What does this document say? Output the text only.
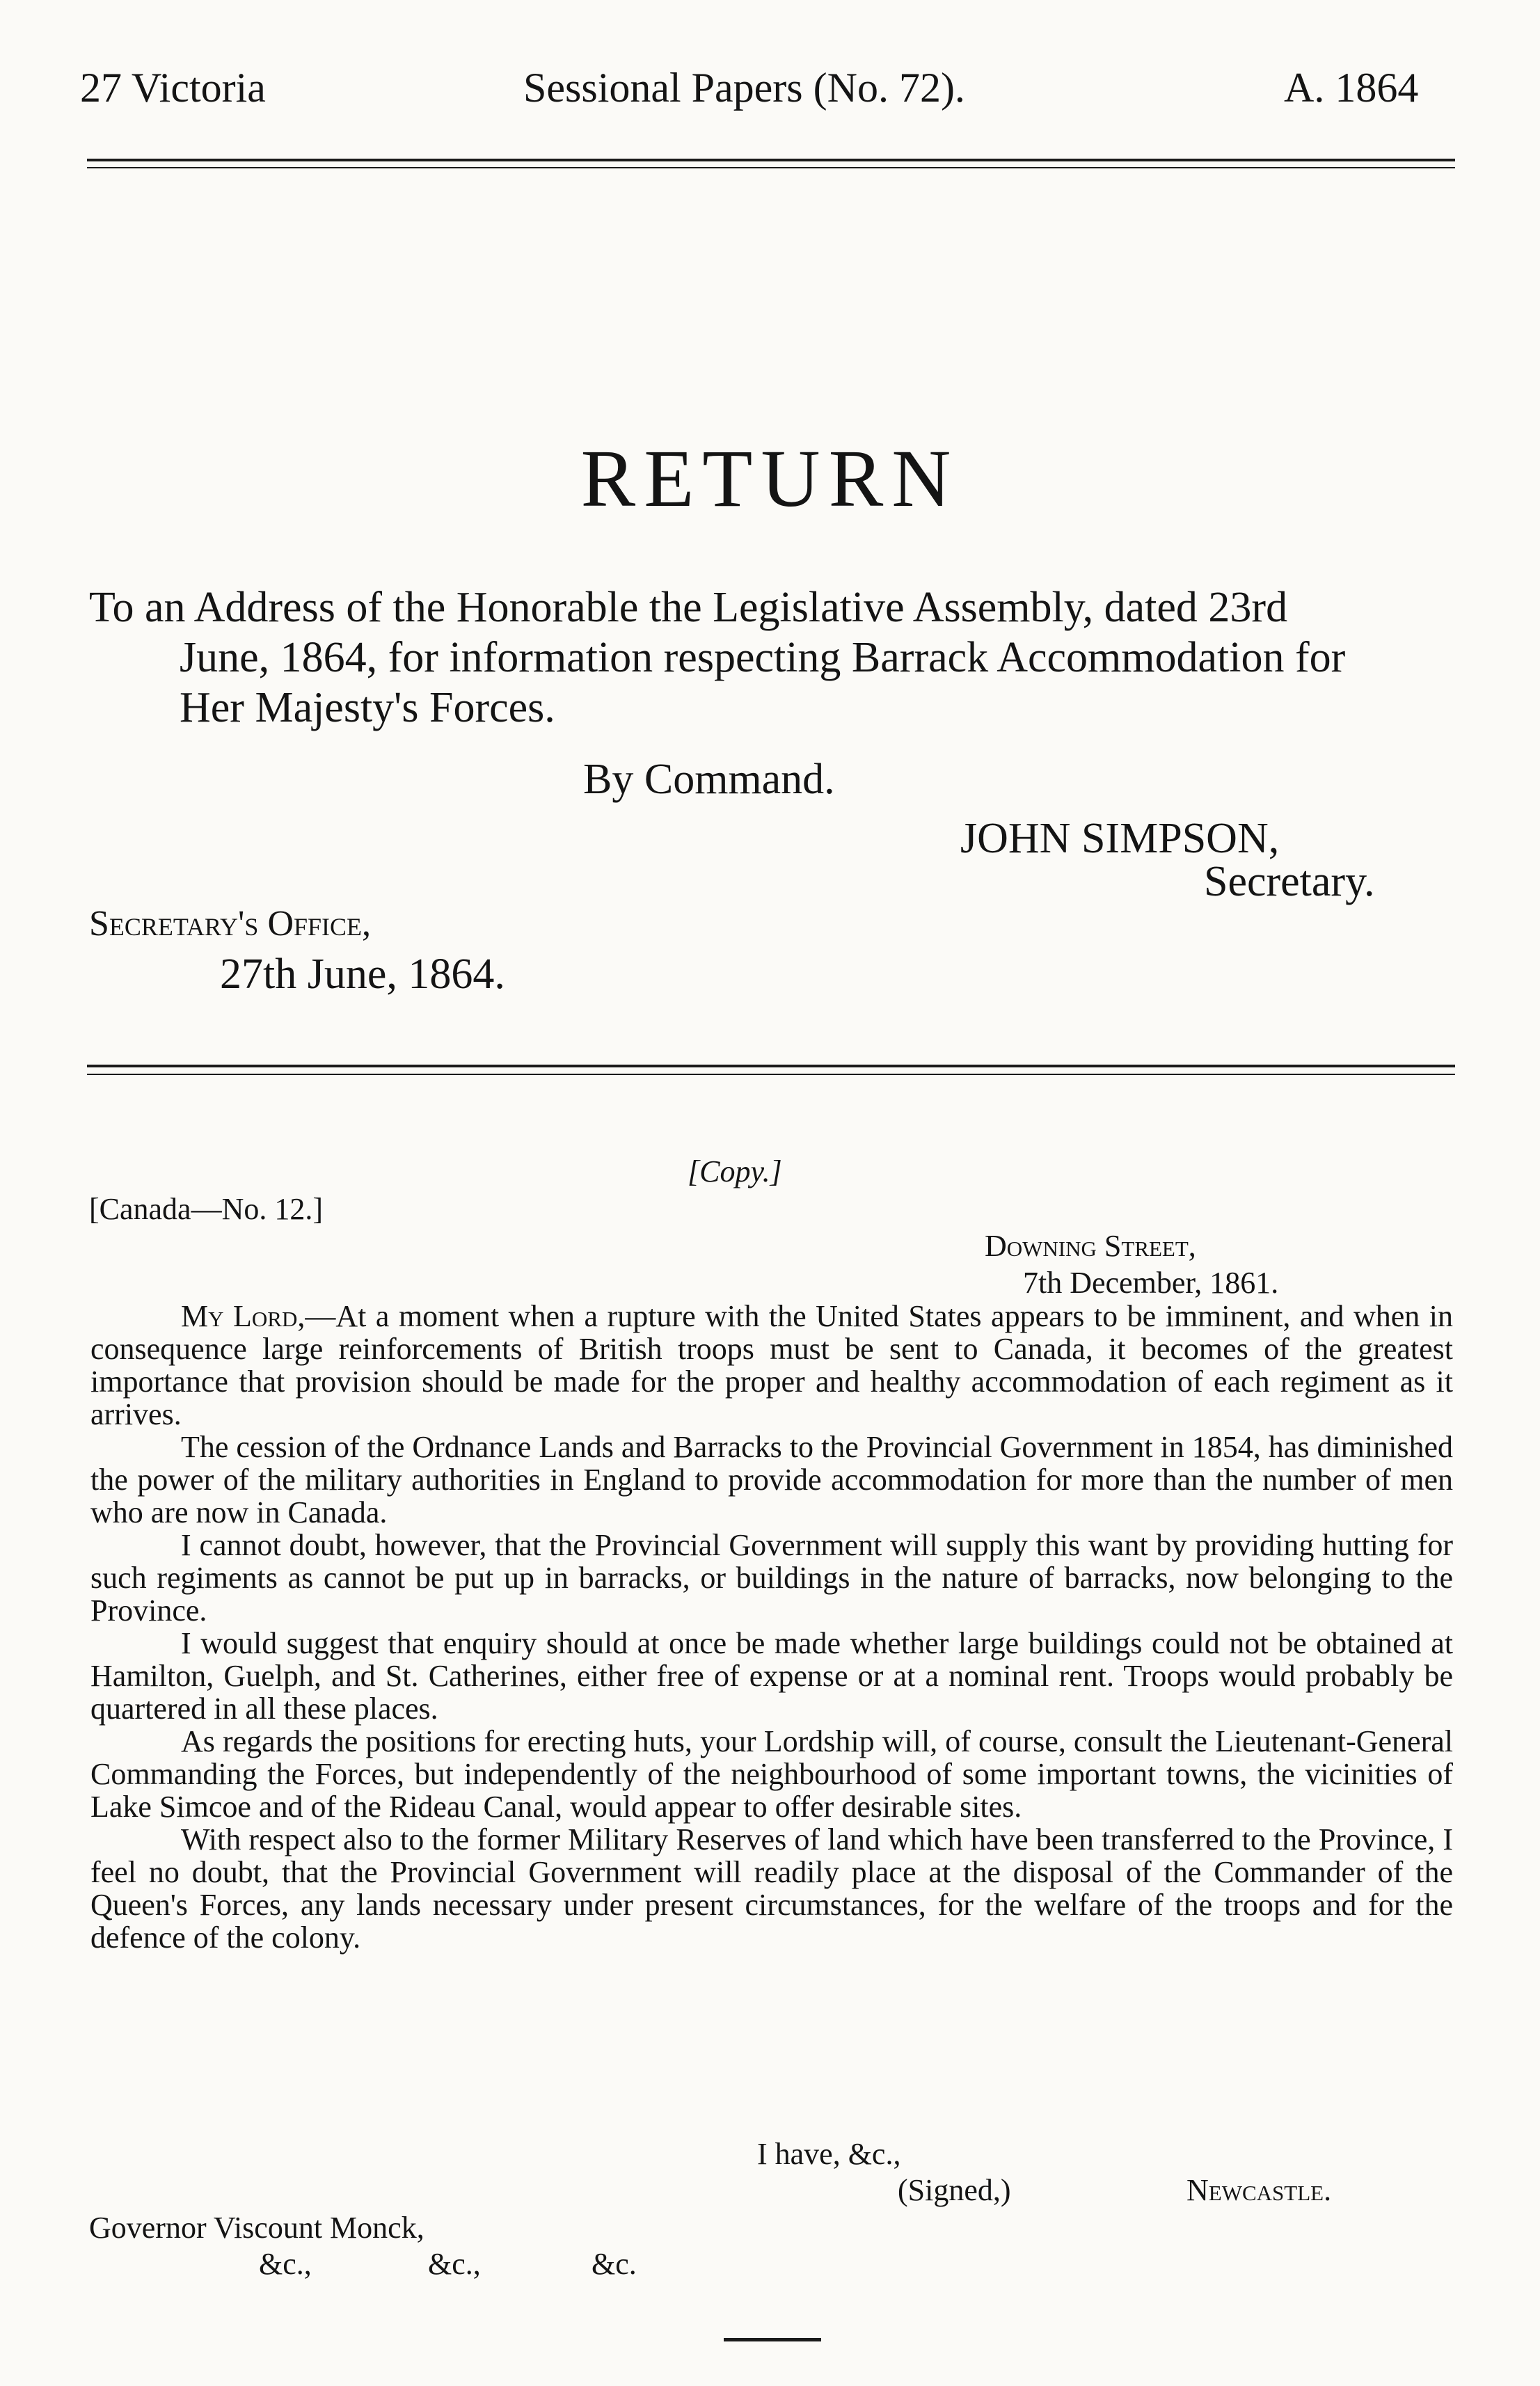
27 Victoria	Sessional Papers (No. 72).	A. 1864
RETURN
To an Address of the Honorable the Legislative Assembly, dated 23rd
June, 1864, for information respecting Barrack Accommodation for
Her Majesty's Forces.
By Command.
JOHN SIMPSON,
Secretary.
Secretary's Office,
27th June, 1864.
[Copy.]
[Canada—No. 12.]
Downing Street,
7th December, 1861.

My Lord,—At a moment when a rupture with the United States appears to be imminent, and when in consequence large reinforcements of British troops must be sent to Canada, it becomes of the greatest importance that provision should be made for the proper and healthy accommodation of each regiment as it arrives.

The cession of the Ordnance Lands and Barracks to the Provincial Government in 1854, has diminished the power of the military authorities in England to provide accommodation for more than the number of men who are now in Canada.

I cannot doubt, however, that the Provincial Government will supply this want by providing hutting for such regiments as cannot be put up in barracks, or buildings in the nature of barracks, now belonging to the Province.

I would suggest that enquiry should at once be made whether large buildings could not be obtained at Hamilton, Guelph, and St. Catherines, either free of expense or at a nominal rent. Troops would probably be quartered in all these places.

As regards the positions for erecting huts, your Lordship will, of course, consult the Lieutenant-General Commanding the Forces, but independently of the neighbourhood of some important towns, the vicinities of Lake Simcoe and of the Rideau Canal, would appear to offer desirable sites.

With respect also to the former Military Reserves of land which have been transferred to the Province, I feel no doubt, that the Provincial Government will readily place at the disposal of the Commander of the Queen's Forces, any lands necessary under present circumstances, for the welfare of the troops and for the defence of the colony.

I have, &c.,
(Signed,)	Newcastle.
Governor Viscount Monck,
&c.,	&c.,	&c.
